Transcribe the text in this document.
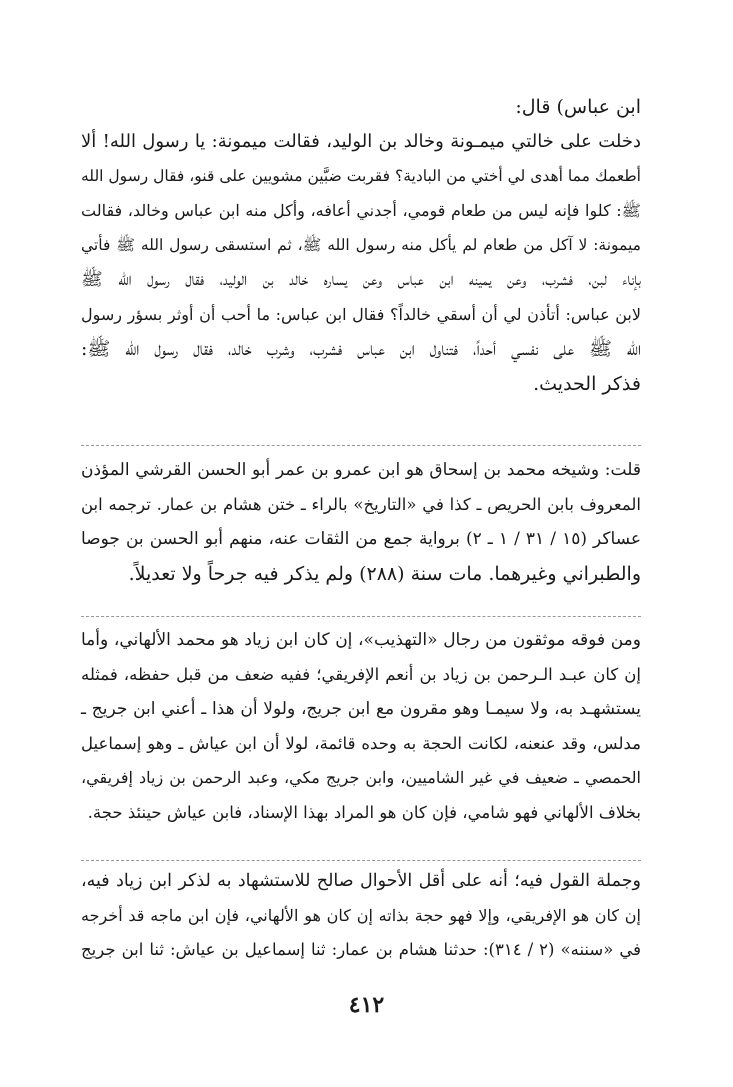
ابن عباس) قال:
دخلت على خالتي ميمـونة وخالد بن الوليد، فقالت ميمونة: يا رسول الله! ألا
أطعمك مما أهدى لي أختي من البادية؟ فقربت ضبَّين مشويين على قنو، فقال رسول الله
ﷺ: كلوا فإنه ليس من طعام قومي، أجدني أعافه، وأكل منه ابن عباس وخالد، فقالت
ميمونة: لا آكل من طعام لم يأكل منه رسول الله ﷺ، ثم استسقى رسول الله ﷺ فأتي
بإناء لبن، فشرب، وعن يمينه ابن عباس وعن يساره خالد بن الوليد، فقال رسول الله ﷺ
لابن عباس: أتأذن لي أن أسقي خالداً؟ فقال ابن عباس: ما أحب أن أوثر بسؤر رسول
الله ﷺ على نفسي أحداً، فتناول ابن عباس فشرب، وشرب خالد، فقال رسول الله ﷺ:
فذكر الحديث.
قلت: وشيخه محمد بن إسحاق هو ابن عمرو بن عمر أبو الحسن القرشي المؤذن
المعروف بابن الحريص ـ كذا في «التاريخ» بالراء ـ ختن هشام بن عمار. ترجمه ابن
عساكر (١٥ / ٣١ / ١ ـ ٢) برواية جمع من الثقات عنه، منهم أبو الحسن بن جوصا
والطبراني وغيرهما. مات سنة (٢٨٨) ولم يذكر فيه جرحاً ولا تعديلاً.
ومن فوقه موثقون من رجال «التهذيب»، إن كان ابن زياد هو محمد الألهاني، وأما
إن كان عبـد الـرحمن بن زياد بن أنعم الإفريقي؛ ففيه ضعف من قبل حفظه، فمثله
يستشهـد به، ولا سيمـا وهو مقرون مع ابن جريج، ولولا أن هذا ـ أعني ابن جريج ـ
مدلس، وقد عنعنه، لكانت الحجة به وحده قائمة، لولا أن ابن عياش ـ وهو إسماعيل
الحمصي ـ ضعيف في غير الشاميين، وابن جريج مكي، وعبد الرحمن بن زياد إفريقي،
بخلاف الألهاني فهو شامي، فإن كان هو المراد بهذا الإسناد، فابن عياش حينئذ حجة.
وجملة القول فيه؛ أنه على أقل الأحوال صالح للاستشهاد به لذكر ابن زياد فيه،
إن كان هو الإفريقي، وإلا فهو حجة بذاته إن كان هو الألهاني، فإن ابن ماجه قد أخرجه
في «سننه» (٢ / ٣١٤): حدثنا هشام بن عمار: ثنا إسماعيل بن عياش: ثنا ابن جريج
٤١٢
